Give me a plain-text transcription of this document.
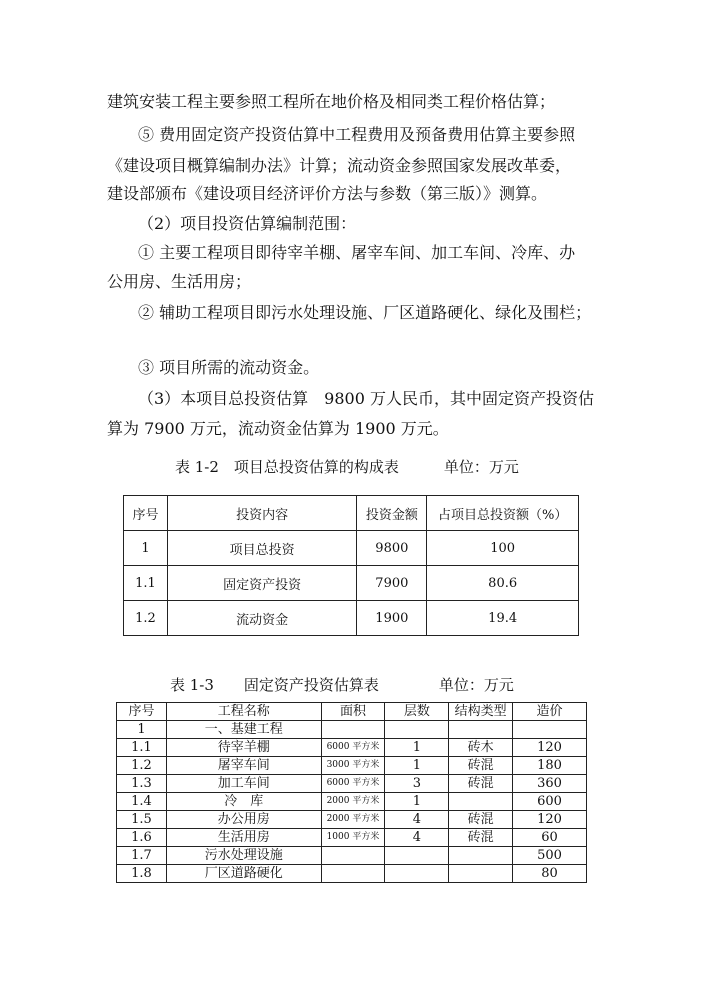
建筑安装工程主要参照工程所在地价格及相同类工程价格估算；
⑤ 费用固定资产投资估算中工程费用及预备费用估算主要参照
《建设项目概算编制办法》计算；流动资金参照国家发展改革委，
建设部颁布《建设项目经济评价方法与参数（第三版）》测算。
（2）项目投资估算编制范围：
① 主要工程项目即待宰羊棚、屠宰车间、加工车间、冷库、办
公用房、生活用房；
② 辅助工程项目即污水处理设施、厂区道路硬化、绿化及围栏；
③ 项目所需的流动资金。
（3）本项目总投资估算　9800 万人民币，其中固定资产投资估
算为 7900 万元，流动资金估算为 1900 万元。
表 1-2　项目总投资估算的构成表　　　单位：万元
序号	投资内容	投资金额	占项目总投资额（%）
1	项目总投资	9800	100
1.1	固定资产投资	7900	80.6
1.2	流动资金	1900	19.4
表 1-3　　固定资产投资估算表　　　　单位：万元
序号	工程名称	面积	层数	结构类型	造价
1	一、基建工程				
1.1	待宰羊棚	6000 平方米	1	砖木	120
1.2	屠宰车间	3000 平方米	1	砖混	180
1.3	加工车间	6000 平方米	3	砖混	360
1.4	冷　库	2000 平方米	1		600
1.5	办公用房	2000 平方米	4	砖混	120
1.6	生活用房	1000 平方米	4	砖混	60
1.7	污水处理设施				500
1.8	厂区道路硬化				80
